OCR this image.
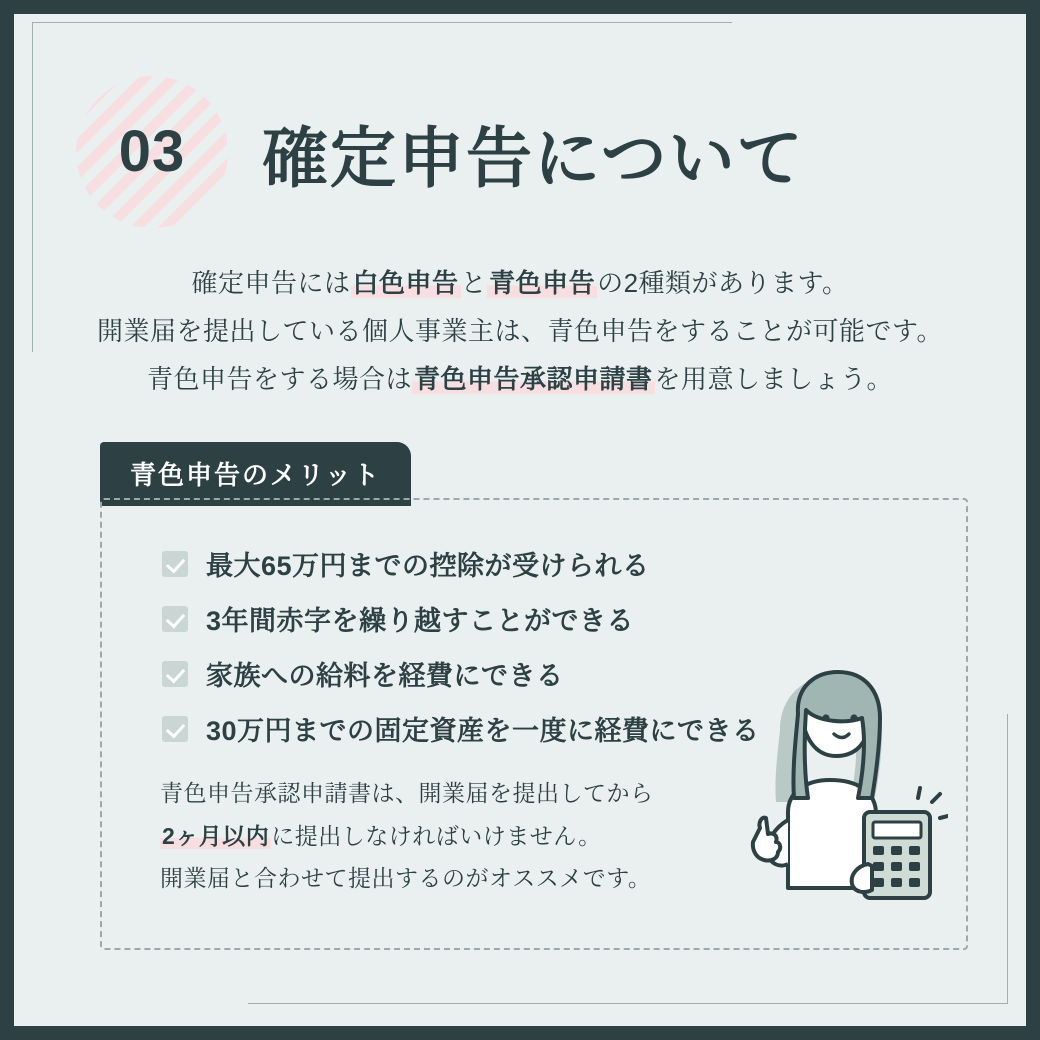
03 確定申告について
確定申告には白色申告と青色申告の2種類があります。
開業届を提出している個人事業主は、青色申告をすることが可能です。
青色申告をする場合は青色申告承認申請書を用意しましょう。
青色申告のメリット
最大65万円までの控除が受けられる
3年間赤字を繰り越すことができる
家族への給料を経費にできる
30万円までの固定資産を一度に経費にできる
青色申告承認申請書は、開業届を提出してから
2ヶ月以内に提出しなければいけません。
開業届と合わせて提出するのがオススメです。
